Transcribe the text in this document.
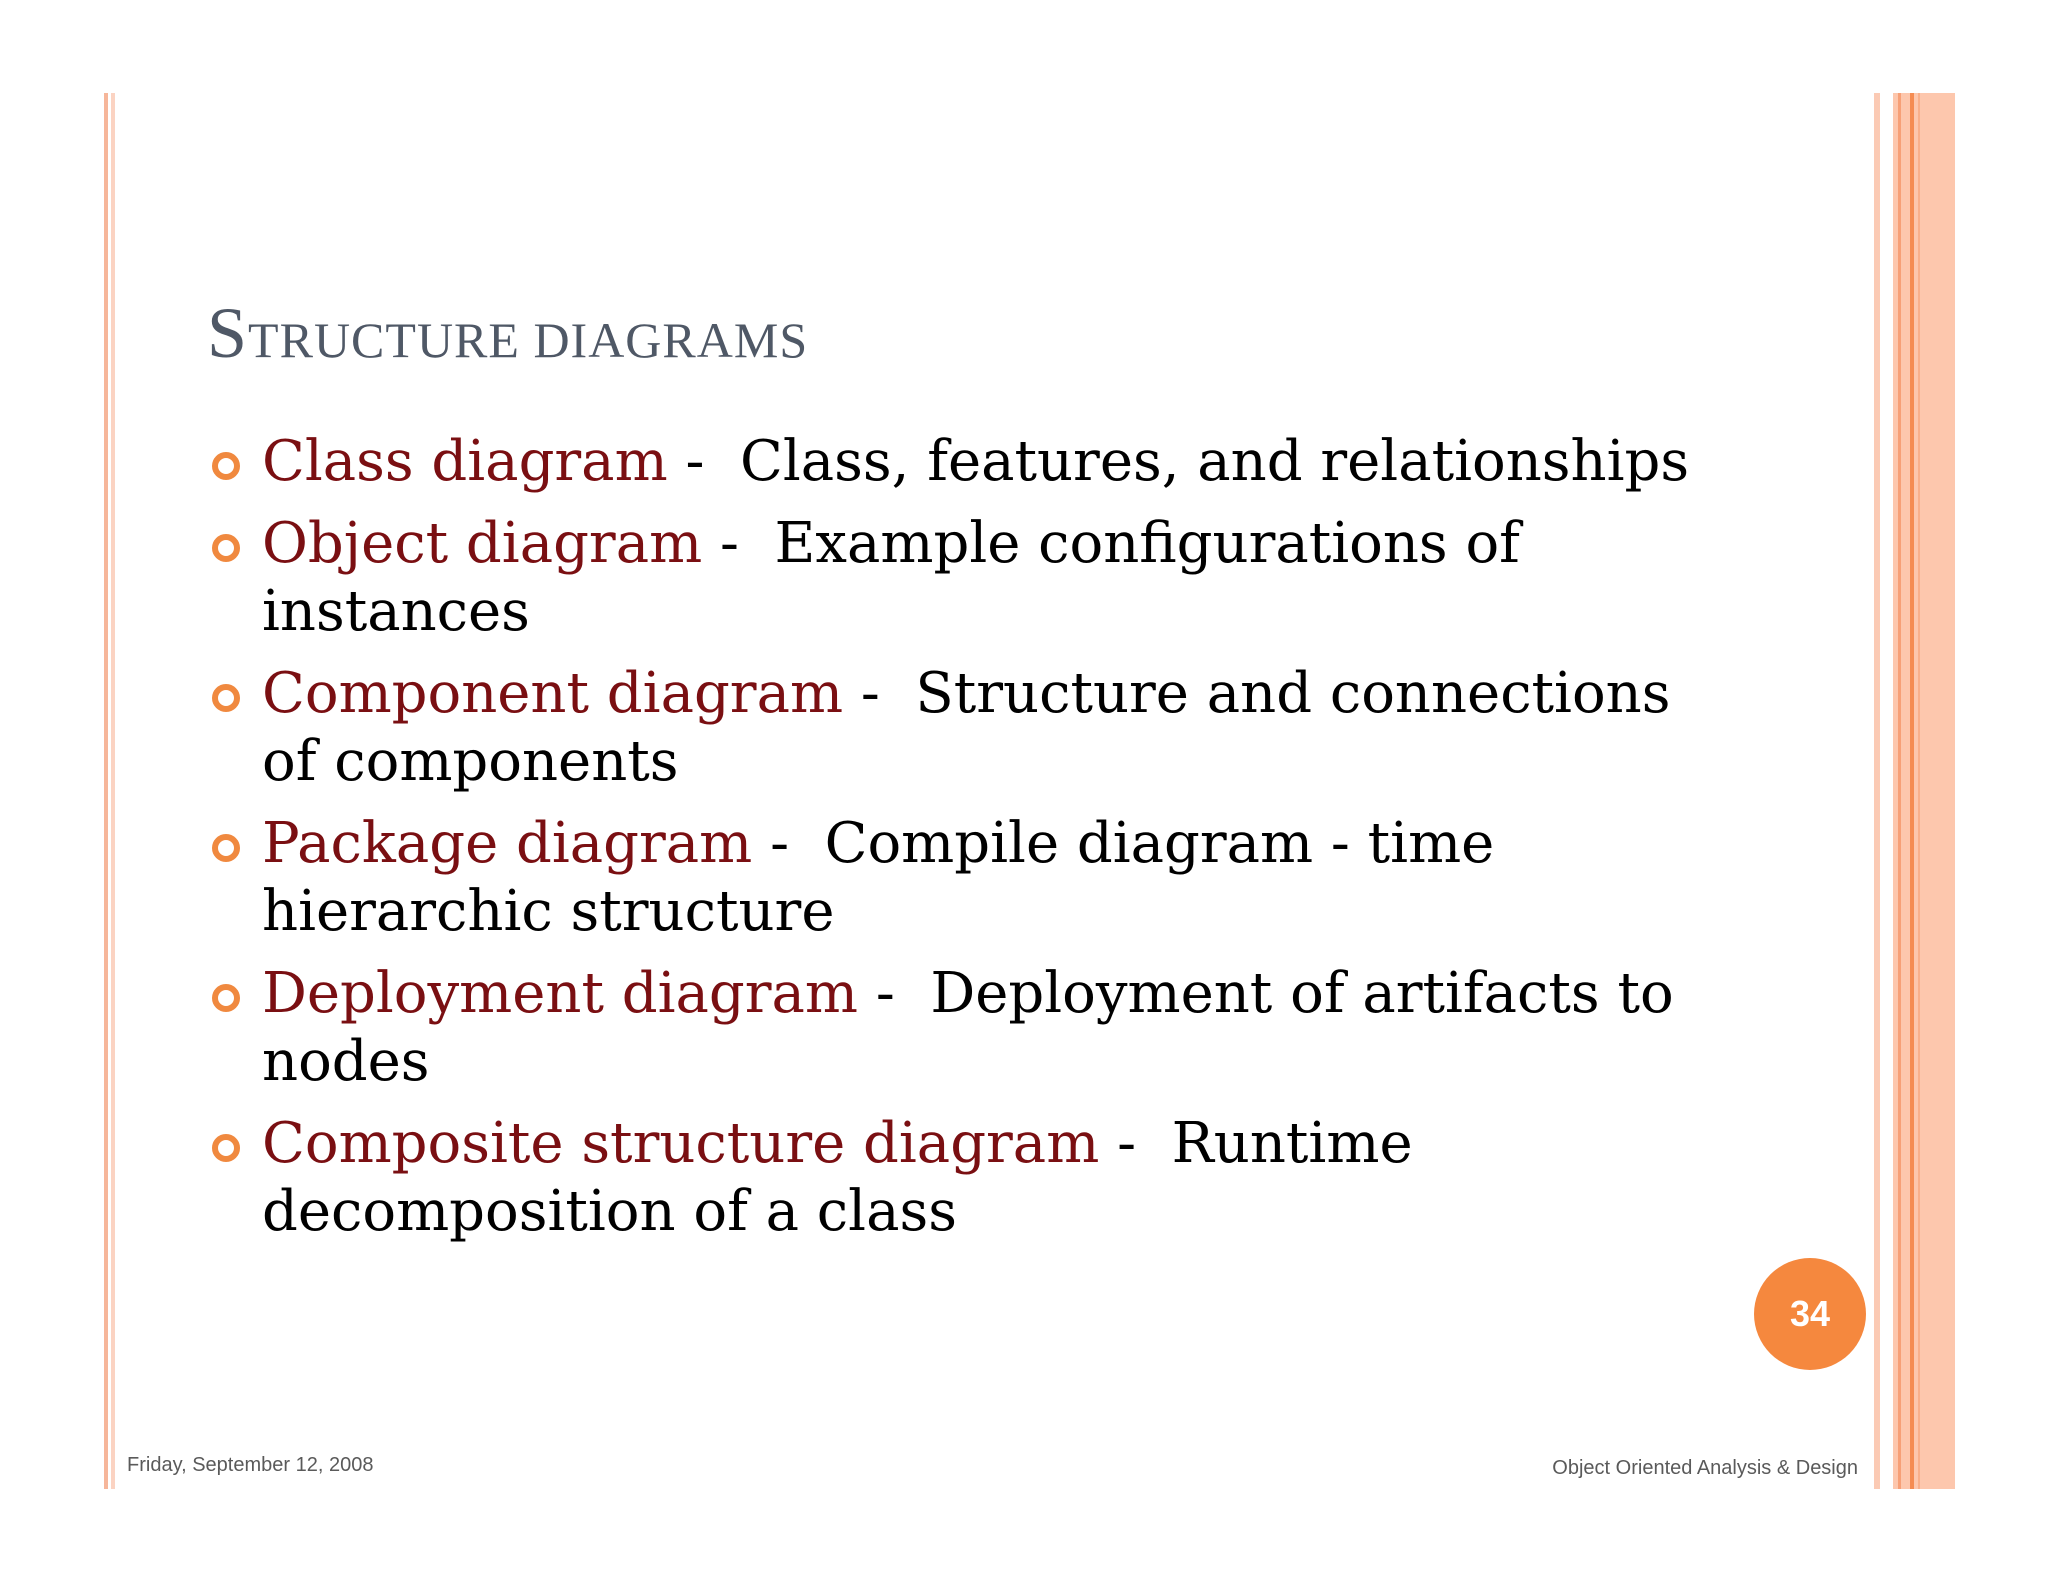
STRUCTURE DIAGRAMS
Class diagram -  Class, features, and relationships
Object diagram -  Example configurations of instances
Component diagram -  Structure and connections of components
Package diagram -  Compile diagram - time hierarchic structure
Deployment diagram -  Deployment of artifacts to nodes
Composite structure diagram -  Runtime decomposition of a class
34
Friday, September 12, 2008	Object Oriented Analysis & Design
